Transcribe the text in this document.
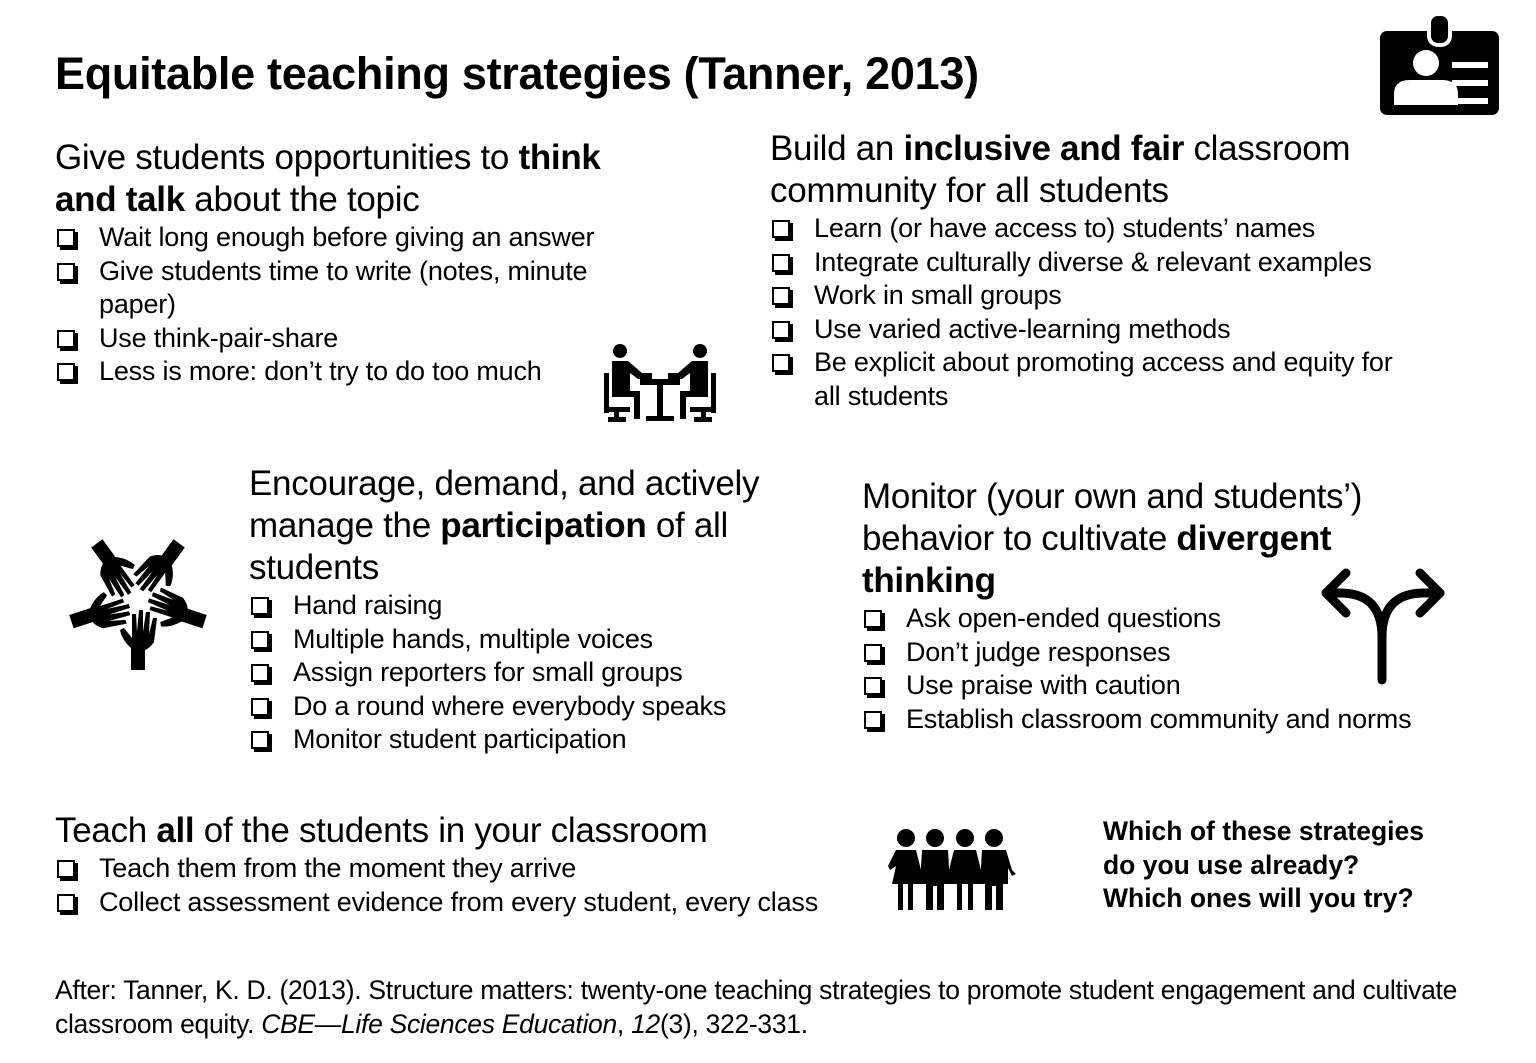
Equitable teaching strategies (Tanner, 2013)
Give students opportunities to think and talk about the topic
Wait long enough before giving an answer
Give students time to write (notes, minute paper)
Use think-pair-share
Less is more: don’t try to do too much
Build an inclusive and fair classroom community for all students
Learn (or have access to) students’ names
Integrate culturally diverse & relevant examples
Work in small groups
Use varied active-learning methods
Be explicit about promoting access and equity for all students
Encourage, demand, and actively manage the participation of all students
Hand raising
Multiple hands, multiple voices
Assign reporters for small groups
Do a round where everybody speaks
Monitor student participation
Monitor (your own and students’) behavior to cultivate divergent thinking
Ask open-ended questions
Don’t judge responses
Use praise with caution
Establish classroom community and norms
Teach all of the students in your classroom
Teach them from the moment they arrive
Collect assessment evidence from every student, every class
Which of these strategies
do you use already?
Which ones will you try?
After: Tanner, K. D. (2013). Structure matters: twenty-one teaching strategies to promote student engagement and cultivate classroom equity. CBE—Life Sciences Education, 12(3), 322-331.
